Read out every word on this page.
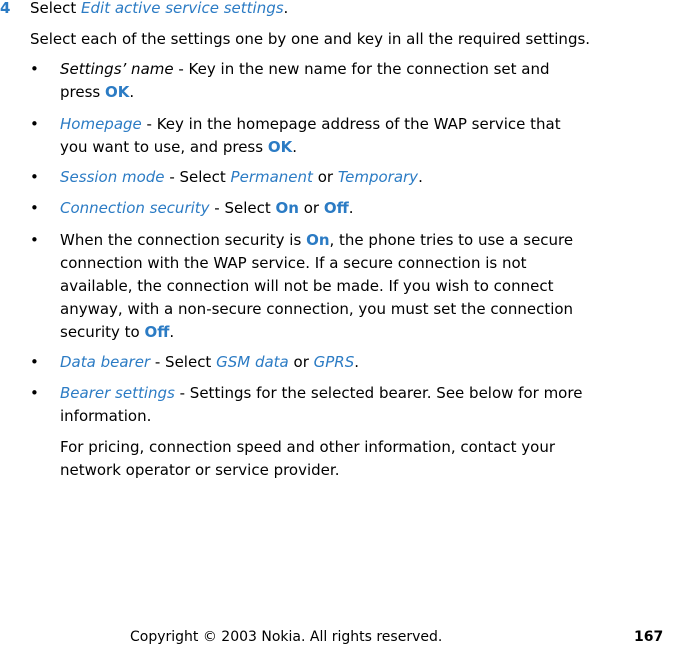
4	Select Edit active service settings.
Select each of the settings one by one and key in all the required settings.
•	Settings’ name - Key in the new name for the connection set and
press OK.
•	Homepage - Key in the homepage address of the WAP service that
you want to use, and press OK.
•	Session mode - Select Permanent or Temporary.
•	Connection security - Select On or Off.
•	When the connection security is On, the phone tries to use a secure
connection with the WAP service. If a secure connection is not
available, the connection will not be made. If you wish to connect
anyway, with a non-secure connection, you must set the connection
security to Off.
•	Data bearer - Select GSM data or GPRS.
•	Bearer settings - Settings for the selected bearer. See below for more
information.
For pricing, connection speed and other information, contact your
network operator or service provider.
Copyright © 2003 Nokia. All rights reserved.	167
